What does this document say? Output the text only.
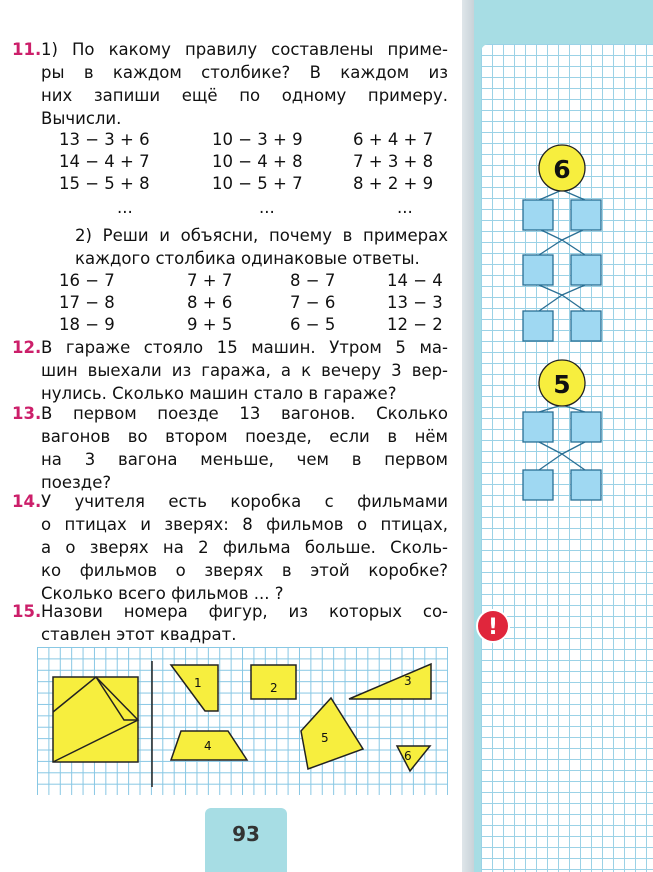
11. 1) По какому правилу составлены приме-
ры в каждом столбике? В каждом из
них запиши ещё по одному примеру.
Вычисли.
13 − 3 + 6
14 − 4 + 7
15 − 5 + 8
...
10 − 3 + 9
10 − 4 + 8
10 − 5 + 7
...
6 + 4 + 7
7 + 3 + 8
8 + 2 + 9
...
2) Реши и объясни, почему в примерах
каждого столбика одинаковые ответы.
16 − 7
17 − 8
18 − 9
7 + 7
8 + 6
9 + 5
8 − 7
7 − 6
6 − 5
14 − 4
13 − 3
12 − 2
12. В гараже стояло 15 машин. Утром 5 ма-
шин выехали из гаража, а к вечеру 3 вер-
нулись. Сколько машин стало в гараже?
13. В первом поезде 13 вагонов. Сколько
вагонов во втором поезде, если в нём
на 3 вагона меньше, чем в первом
поезде?
14. У учителя есть коробка с фильмами
о птицах и зверях: 8 фильмов о птицах,
а о зверях на 2 фильма больше. Сколь-
ко фильмов о зверях в этой коробке?
Сколько всего фильмов ... ?
15. Назови номера фигур, из которых со-
ставлен этот квадрат.
1	2	3
4
5
6
6
5
!
93
